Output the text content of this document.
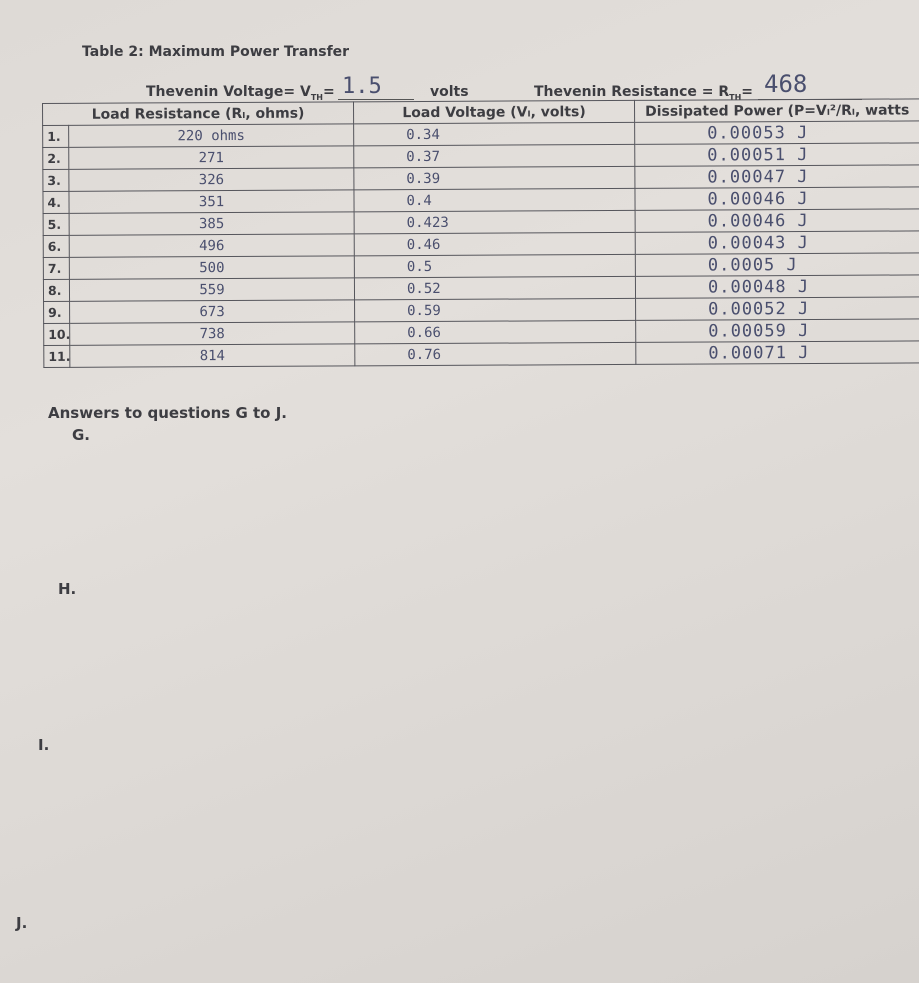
Table 2: Maximum Power Transfer
Thevenin Voltage= $V_{TH}= 1.5$	volts	Thevenin Resistance = $R_{TH}= 468$
Load Resistance (Rₗ, ohms)		Load Voltage (Vₗ, volts)	Dissipated Power (P=Vₗ²/Rₗ, watts
1.	220 ohms	0.34	0.00053 J
2.	271	0.37	0.00051 J
3.	326	0.39	0.00047 J
4.	351	0.4	0.00046 J
5.	385	0.423	0.00046 J
6.	496	0.46	0.00043 J
7.	500	0.5	0.0005 J
8.	559	0.52	0.00048 J
9.	673	0.59	0.00052 J
10.	738	0.66	0.00059 J
11.	814	0.76	0.00071 J
Answers to questions G to J.
G.
H.
I.
J.
